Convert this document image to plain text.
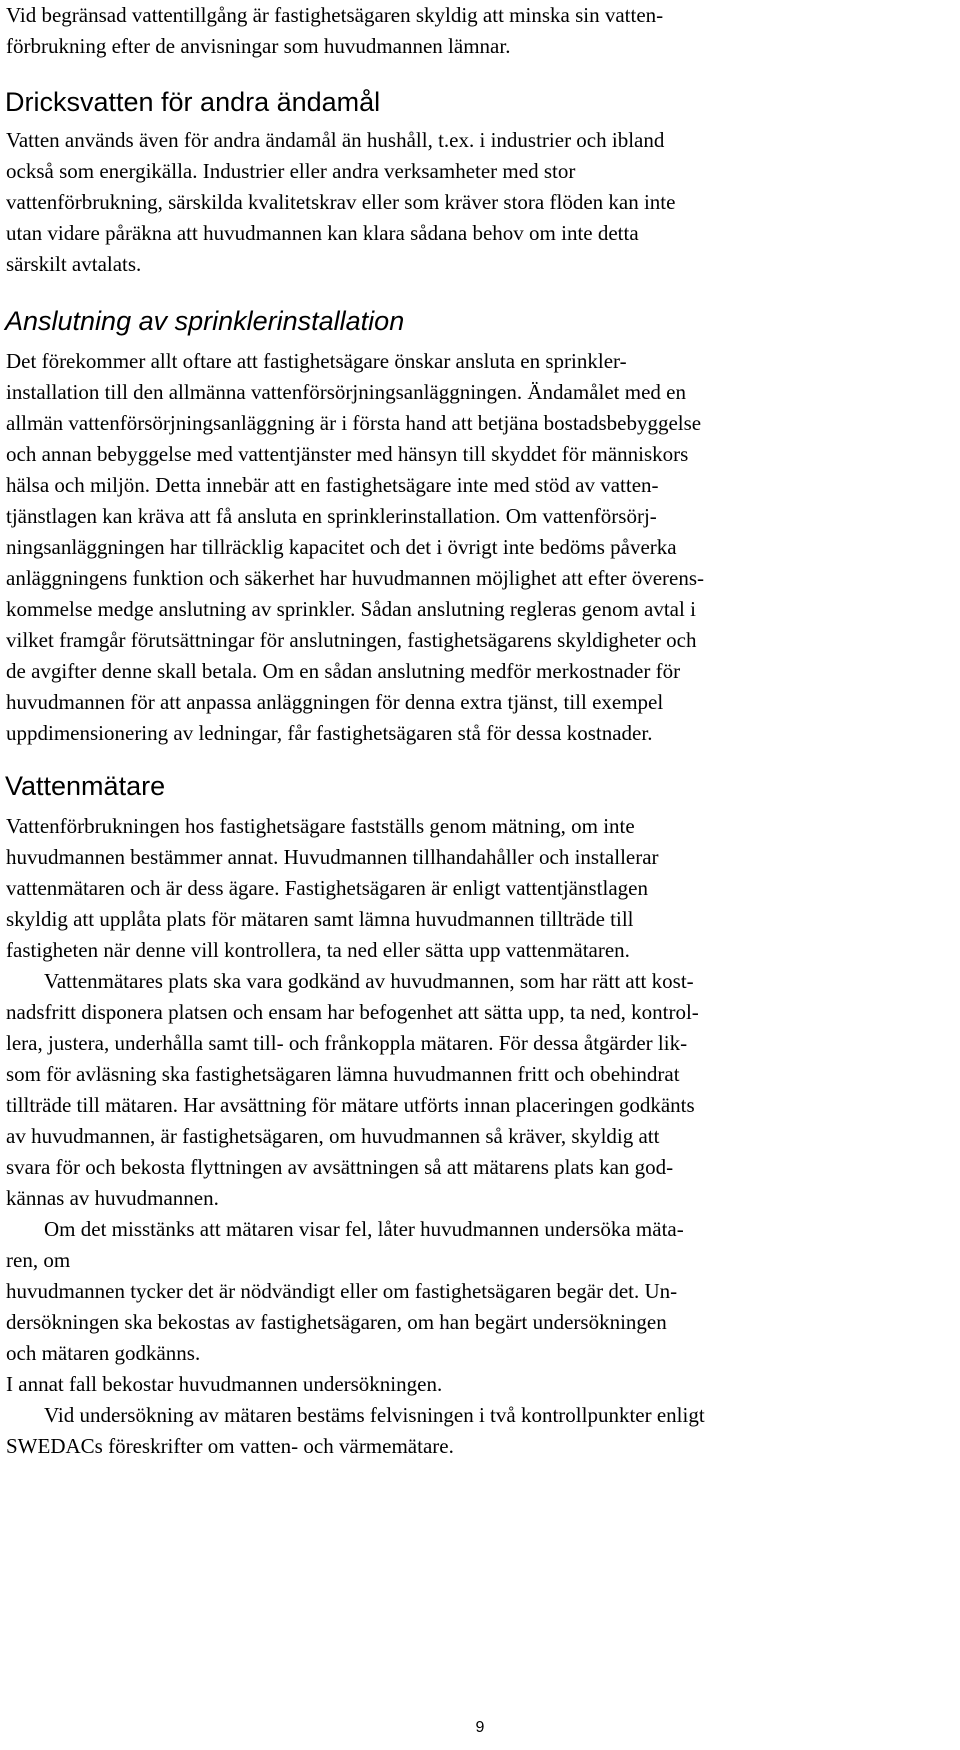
Vid begränsad vattentillgång är fastighetsägaren skyldig att minska sin vatten-
förbrukning efter de anvisningar som huvudmannen lämnar.
Dricksvatten för andra ändamål
Vatten används även för andra ändamål än hushåll, t.ex. i industrier och ibland
också som energikälla. Industrier eller andra verksamheter med stor
vattenförbrukning, särskilda kvalitetskrav eller som kräver stora flöden kan inte
utan vidare påräkna att huvudmannen kan klara sådana behov om inte detta
särskilt avtalats.
Anslutning av sprinklerinstallation
Det förekommer allt oftare att fastighetsägare önskar ansluta en sprinkler-
installation till den allmänna vattenförsörjningsanläggningen. Ändamålet med en
allmän vattenförsörjningsanläggning är i första hand att betjäna bostadsbebyggelse
och annan bebyggelse med vattentjänster med hänsyn till skyddet för människors
hälsa och miljön. Detta innebär att en fastighetsägare inte med stöd av vatten-
tjänstlagen kan kräva att få ansluta en sprinklerinstallation. Om vattenförsörj-
ningsanläggningen har tillräcklig kapacitet och det i övrigt inte bedöms påverka
anläggningens funktion och säkerhet har huvudmannen möjlighet att efter överens-
kommelse medge anslutning av sprinkler. Sådan anslutning regleras genom avtal i
vilket framgår förutsättningar för anslutningen, fastighetsägarens skyldigheter och
de avgifter denne skall betala. Om en sådan anslutning medför merkostnader för
huvudmannen för att anpassa anläggningen för denna extra tjänst, till exempel
uppdimensionering av ledningar, får fastighetsägaren stå för dessa kostnader.
Vattenmätare
Vattenförbrukningen hos fastighetsägare fastställs genom mätning, om inte
huvudmannen bestämmer annat. Huvudmannen tillhandahåller och installerar
vattenmätaren och är dess ägare. Fastighetsägaren är enligt vattentjänstlagen
skyldig att upplåta plats för mätaren samt lämna huvudmannen tillträde till
fastigheten när denne vill kontrollera, ta ned eller sätta upp vattenmätaren.
Vattenmätares plats ska vara godkänd av huvudmannen, som har rätt att kost-
nadsfritt disponera platsen och ensam har befogenhet att sätta upp, ta ned, kontrol-
lera, justera, underhålla samt till- och frånkoppla mätaren. För dessa åtgärder lik-
som för avläsning ska fastighetsägaren lämna huvudmannen fritt och obehindrat
tillträde till mätaren. Har avsättning för mätare utförts innan placeringen godkänts
av huvudmannen, är fastighetsägaren, om huvudmannen så kräver, skyldig att
svara för och bekosta flyttningen av avsättningen så att mätarens plats kan god-
kännas av huvudmannen.
Om det misstänks att mätaren visar fel, låter huvudmannen undersöka mäta-
ren, om
huvudmannen tycker det är nödvändigt eller om fastighetsägaren begär det. Un-
dersökningen ska bekostas av fastighetsägaren, om han begärt undersökningen
och mätaren godkänns.
I annat fall bekostar huvudmannen undersökningen.
Vid undersökning av mätaren bestäms felvisningen i två kontrollpunkter enligt
SWEDACs föreskrifter om vatten- och värmemätare.
9
